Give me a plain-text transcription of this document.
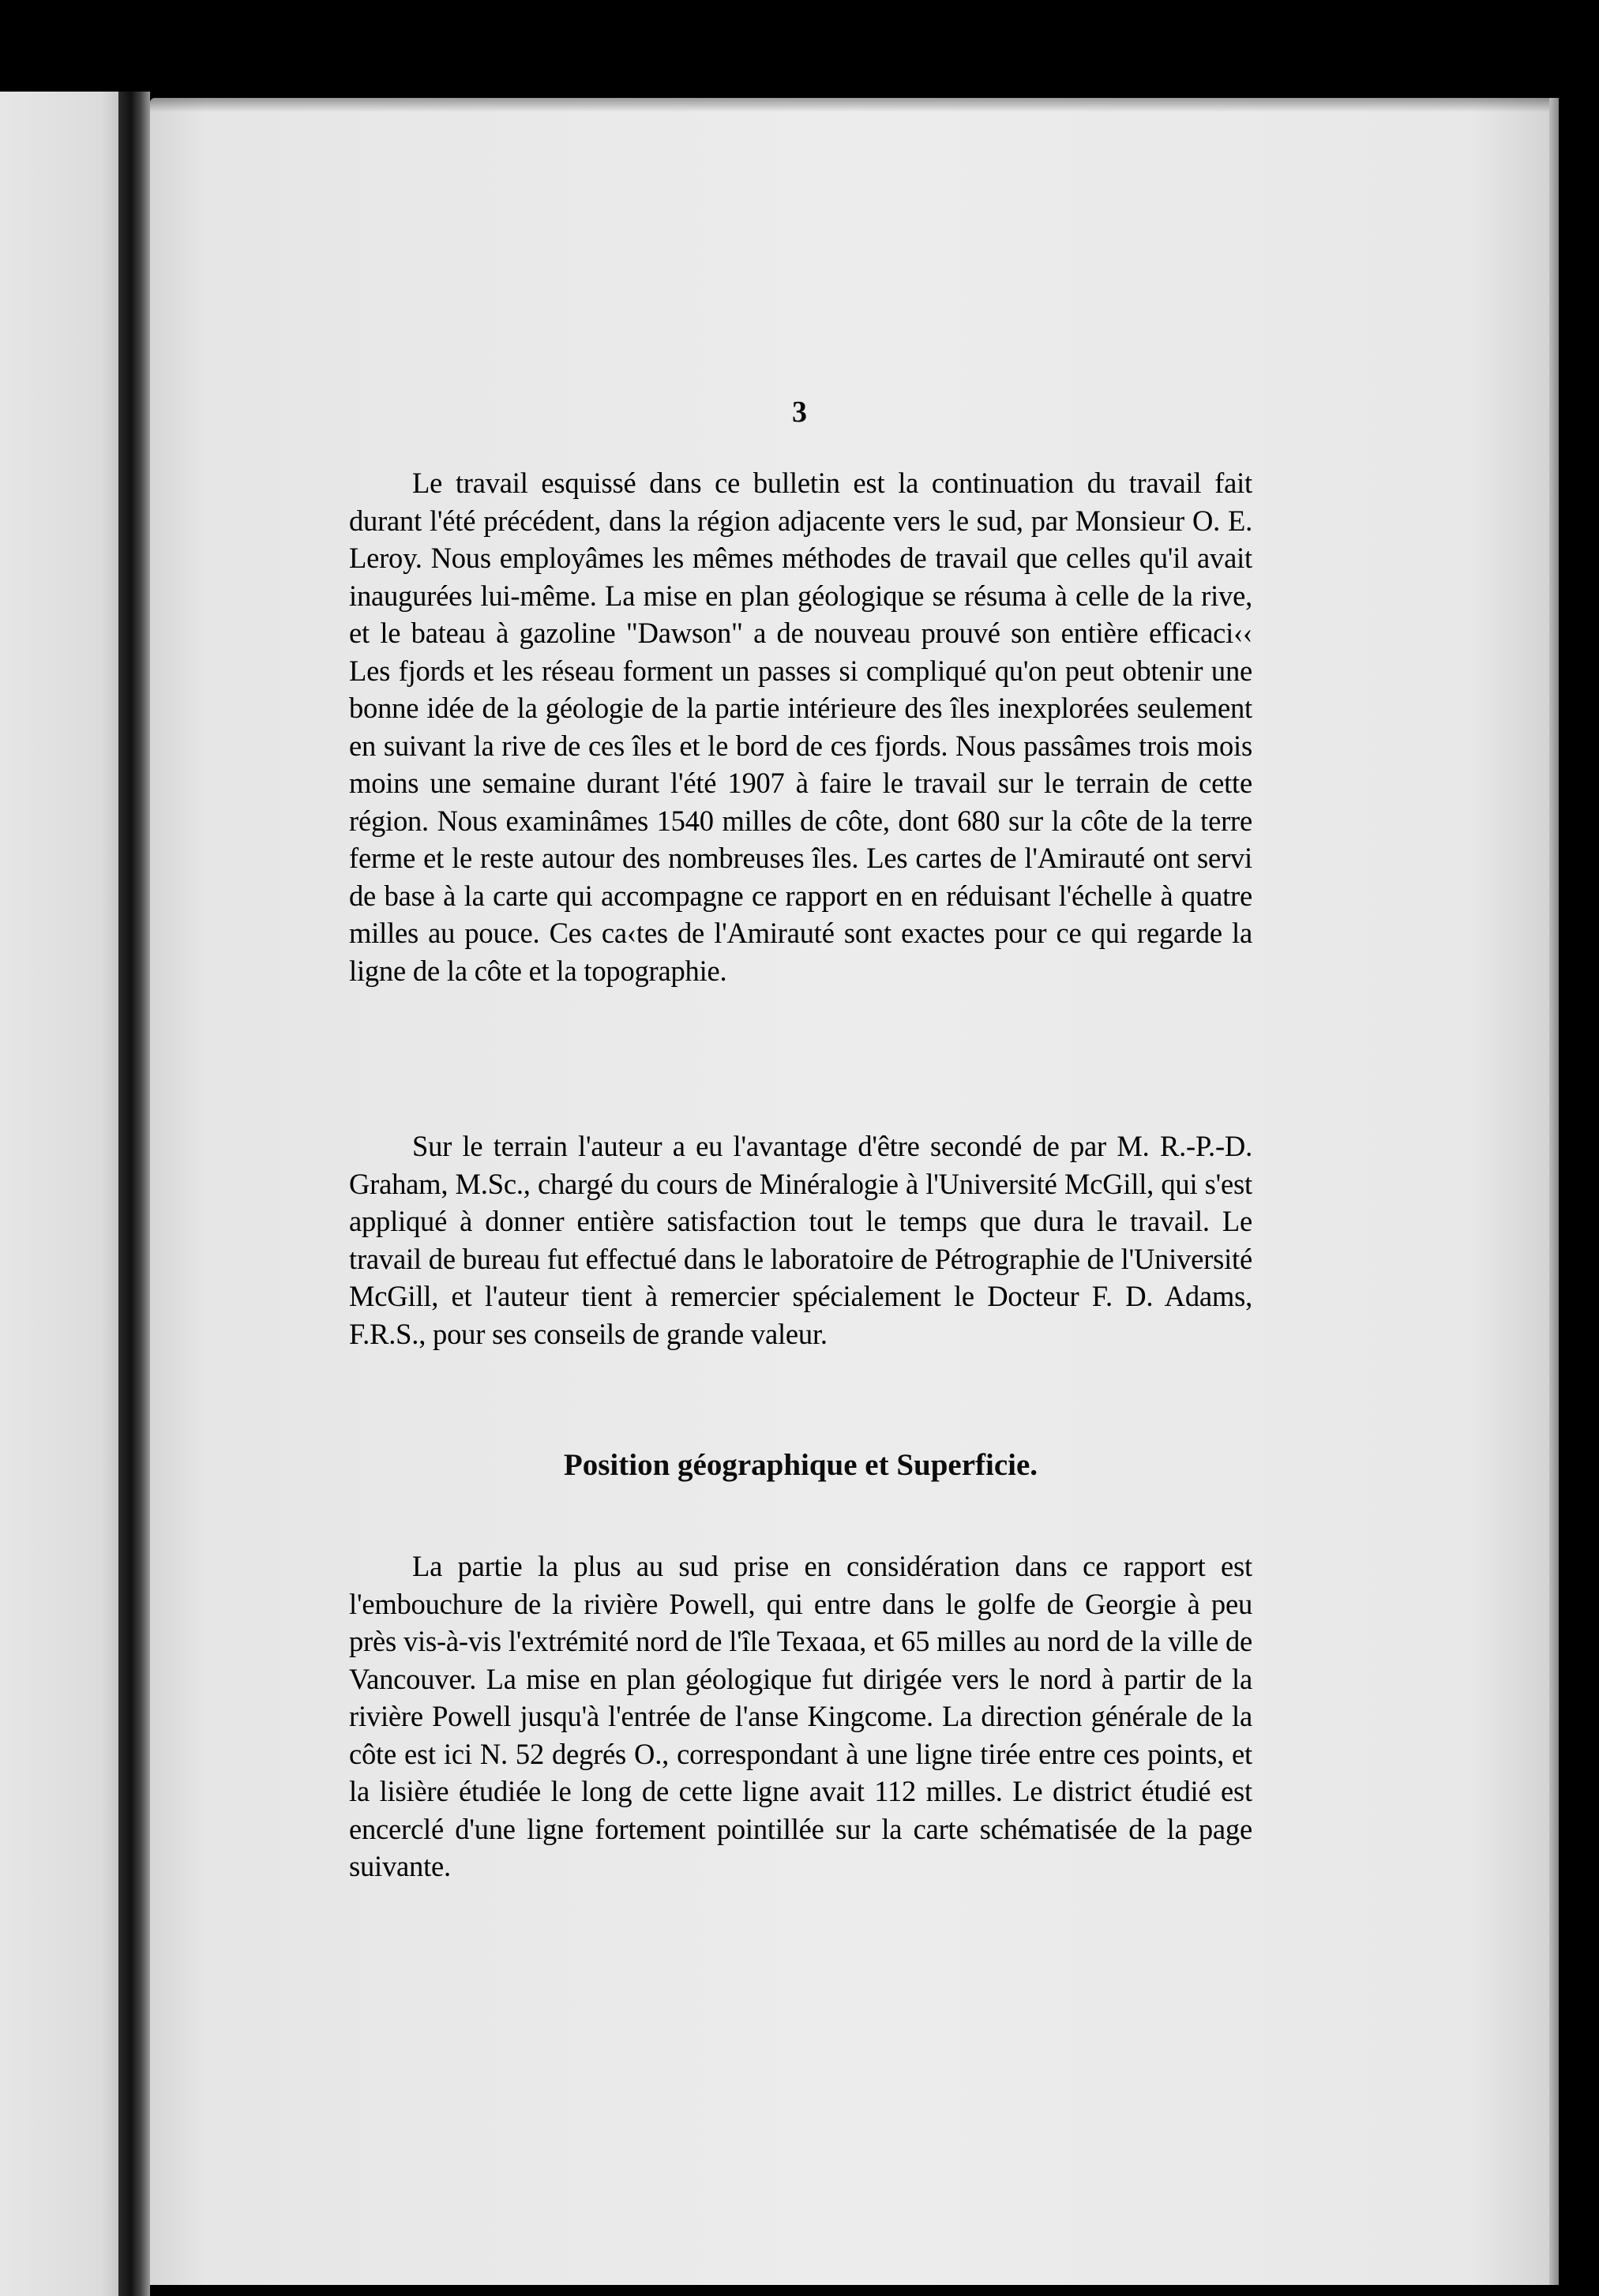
3

Le travail esquissé dans ce bulletin est la continuation du travail fait durant l'été précédent, dans la région adjacente vers le sud, par Monsieur O. E. Leroy. Nous employâmes les mêmes méthodes de travail que celles qu'il avait inaugurées lui-même. La mise en plan géologique se résuma à celle de la rive, et le bateau à gazoline "Dawson" a de nouveau prouvé son entière efficaci‹‹ Les fjords et les réseau forment un passes si compliqué qu'on peut obtenir une bonne idée de la géologie de la partie intérieure des îles inexplorées seulement en suivant la rive de ces îles et le bord de ces fjords. Nous passâmes trois mois moins une semaine durant l'été 1907 à faire le travail sur le terrain de cette région. Nous examinâmes 1540 milles de côte, dont 680 sur la côte de la terre ferme et le reste autour des nombreuses îles. Les cartes de l'Amirauté ont servi de base à la carte qui accompagne ce rapport en en réduisant l'échelle à quatre milles au pouce. Ces ca‹tes de l'Amirauté sont exactes pour ce qui regarde la ligne de la côte et la topographie.

Sur le terrain l'auteur a eu l'avantage d'être secondé de par M. R.-P.-D. Graham, M.Sc., chargé du cours de Minéralogie à l'Université McGill, qui s'est appliqué à donner entière satisfaction tout le temps que dura le travail. Le travail de bureau fut effectué dans le laboratoire de Pétrographie de l'Université McGill, et l'auteur tient à remercier spécialement le Docteur F. D. Adams, F.R.S., pour ses conseils de grande valeur.

Position géographique et Superficie.

La partie la plus au sud prise en considération dans ce rapport est l'embouchure de la rivière Powell, qui entre dans le golfe de Georgie à peu près vis-à-vis l'extrémité nord de l'île Texaɑa, et 65 milles au nord de la ville de Vancouver. La mise en plan géologique fut dirigée vers le nord à partir de la rivière Powell jusqu'à l'entrée de l'anse Kingcome. La direction générale de la côte est ici N. 52 degrés O., correspondant à une ligne tirée entre ces points, et la lisière étudiée le long de cette ligne avait 112 milles. Le district étudié est encerclé d'une ligne fortement pointillée sur la carte schématisée de la page suivante.
